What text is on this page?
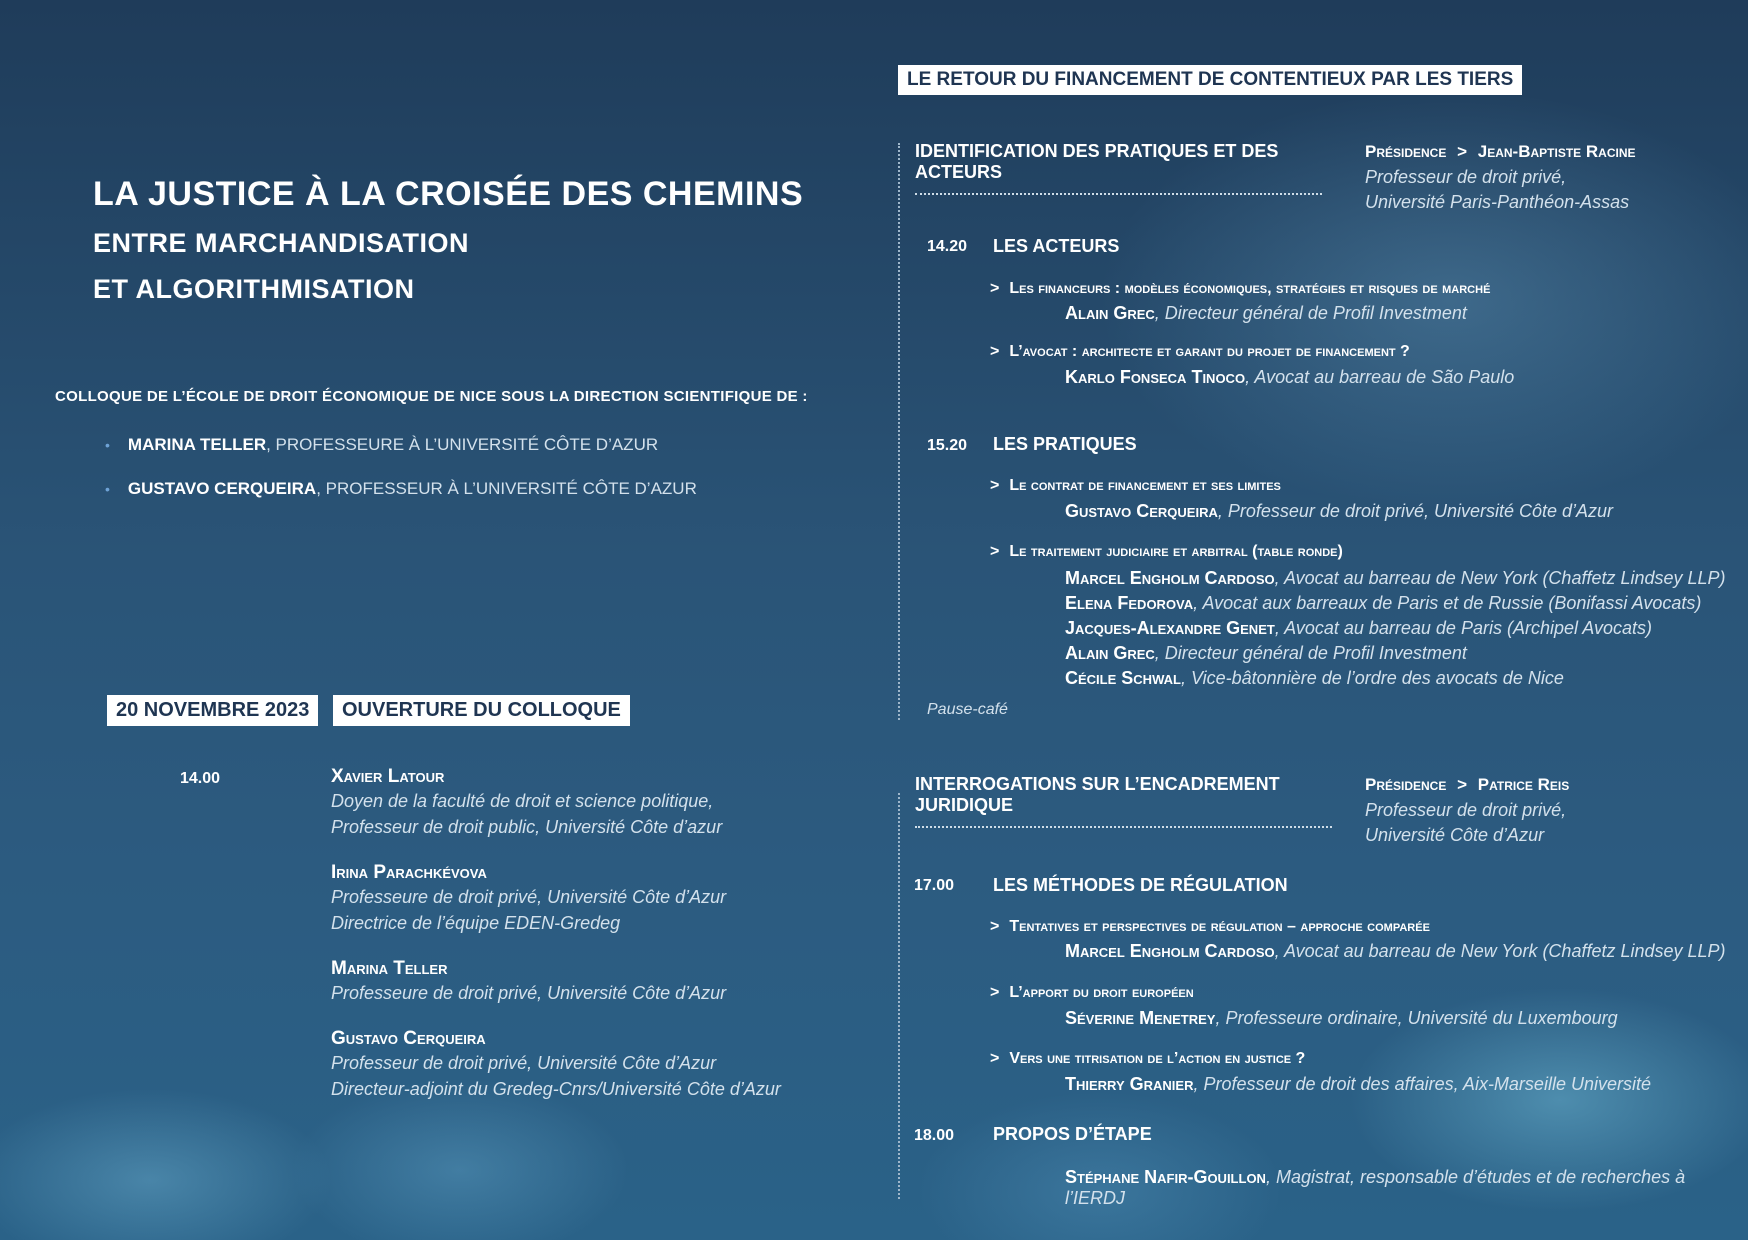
LA JUSTICE À LA CROISÉE DES CHEMINS
ENTRE MARCHANDISATION
ET ALGORITHMISATION
COLLOQUE DE L’ÉCOLE DE DROIT ÉCONOMIQUE DE NICE SOUS LA DIRECTION SCIENTIFIQUE DE :
• MARINA TELLER, PROFESSEURE À L’UNIVERSITÉ CÔTE D’AZUR
• GUSTAVO CERQUEIRA, PROFESSEUR À L’UNIVERSITÉ CÔTE D’AZUR
20 NOVEMBRE 2023	OUVERTURE DU COLLOQUE
14.00	Xavier Latour
Doyen de la faculté de droit et science politique,
Professeur de droit public, Université Côte d’azur
Irina Parachkévova
Professeure de droit privé, Université Côte d’Azur
Directrice de l’équipe EDEN-Gredeg
Marina Teller
Professeure de droit privé, Université Côte d’Azur
Gustavo Cerqueira
Professeur de droit privé, Université Côte d’Azur
Directeur-adjoint du Gredeg-Cnrs/Université Côte d’Azur
LE RETOUR DU FINANCEMENT DE CONTENTIEUX PAR LES TIERS
IDENTIFICATION DES PRATIQUES ET DES ACTEURS
Présidence > Jean-Baptiste Racine
Professeur de droit privé,
Université Paris-Panthéon-Assas
14.20 LES ACTEURS
> Les financeurs : modèles économiques, stratégies et risques de marché
Alain Grec, Directeur général de Profil Investment
> L’avocat : architecte et garant du projet de financement ?
Karlo Fonseca Tinoco, Avocat au barreau de São Paulo
15.20 LES PRATIQUES
> Le contrat de financement et ses limites
Gustavo Cerqueira, Professeur de droit privé, Université Côte d’Azur
> Le traitement judiciaire et arbitral (table ronde)
Marcel Engholm Cardoso, Avocat au barreau de New York (Chaffetz Lindsey LLP)
Elena Fedorova, Avocat aux barreaux de Paris et de Russie (Bonifassi Avocats)
Jacques-Alexandre Genet, Avocat au barreau de Paris (Archipel Avocats)
Alain Grec, Directeur général de Profil Investment
Cécile Schwal, Vice-bâtonnière de l’ordre des avocats de Nice
Pause-café
INTERROGATIONS SUR L’ENCADREMENT JURIDIQUE
Présidence > Patrice Reis
Professeur de droit privé,
Université Côte d’Azur
17.00 LES MÉTHODES DE RÉGULATION
> Tentatives et perspectives de régulation – approche comparée
Marcel Engholm Cardoso, Avocat au barreau de New York (Chaffetz Lindsey LLP)
> L’apport du droit européen
Séverine Menetrey, Professeure ordinaire, Université du Luxembourg
> Vers une titrisation de l’action en justice ?
Thierry Granier, Professeur de droit des affaires, Aix-Marseille Université
18.00 PROPOS D’ÉTAPE
Stéphane Nafir-Gouillon, Magistrat, responsable d’études et de recherches à l’IERDJ
